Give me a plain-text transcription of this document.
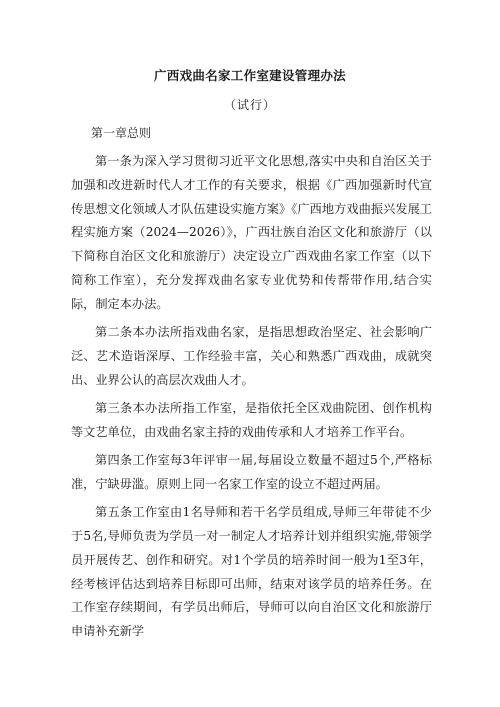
广西戏曲名家工作室建设管理办法
（试行）
第一章总则

第一条为深入学习贯彻习近平文化思想,落实中央和自治区关于加强和改进新时代人才工作的有关要求，根据《广西加强新时代宣传思想文化领域人才队伍建设实施方案》《广西地方戏曲振兴发展工程实施方案（2024—2026）》，广西壮族自治区文化和旅游厅（以下简称自治区文化和旅游厅）决定设立广西戏曲名家工作室（以下简称工作室），充分发挥戏曲名家专业优势和传帮带作用,结合实际，制定本办法。

第二条本办法所指戏曲名家，是指思想政治坚定、社会影响广泛、艺术造诣深厚、工作经验丰富，关心和熟悉广西戏曲，成就突出、业界公认的高层次戏曲人才。

第三条本办法所指工作室，是指依托全区戏曲院团、创作机构等文艺单位，由戏曲名家主持的戏曲传承和人才培养工作平台。

第四条工作室每3年评审一届,每届设立数量不超过5个,严格标准，宁缺毋滥。原则上同一名家工作室的设立不超过两届。

第五条工作室由1名导师和若干名学员组成,导师三年带徒不少于5名,导师负责为学员一对一制定人才培养计划并组织实施,带领学员开展传艺、创作和研究。对1个学员的培养时间一般为1至3年，经考核评估达到培养目标即可出师，结束对该学员的培养任务。在工作室存续期间，有学员出师后，导师可以向自治区文化和旅游厅申请补充新学
